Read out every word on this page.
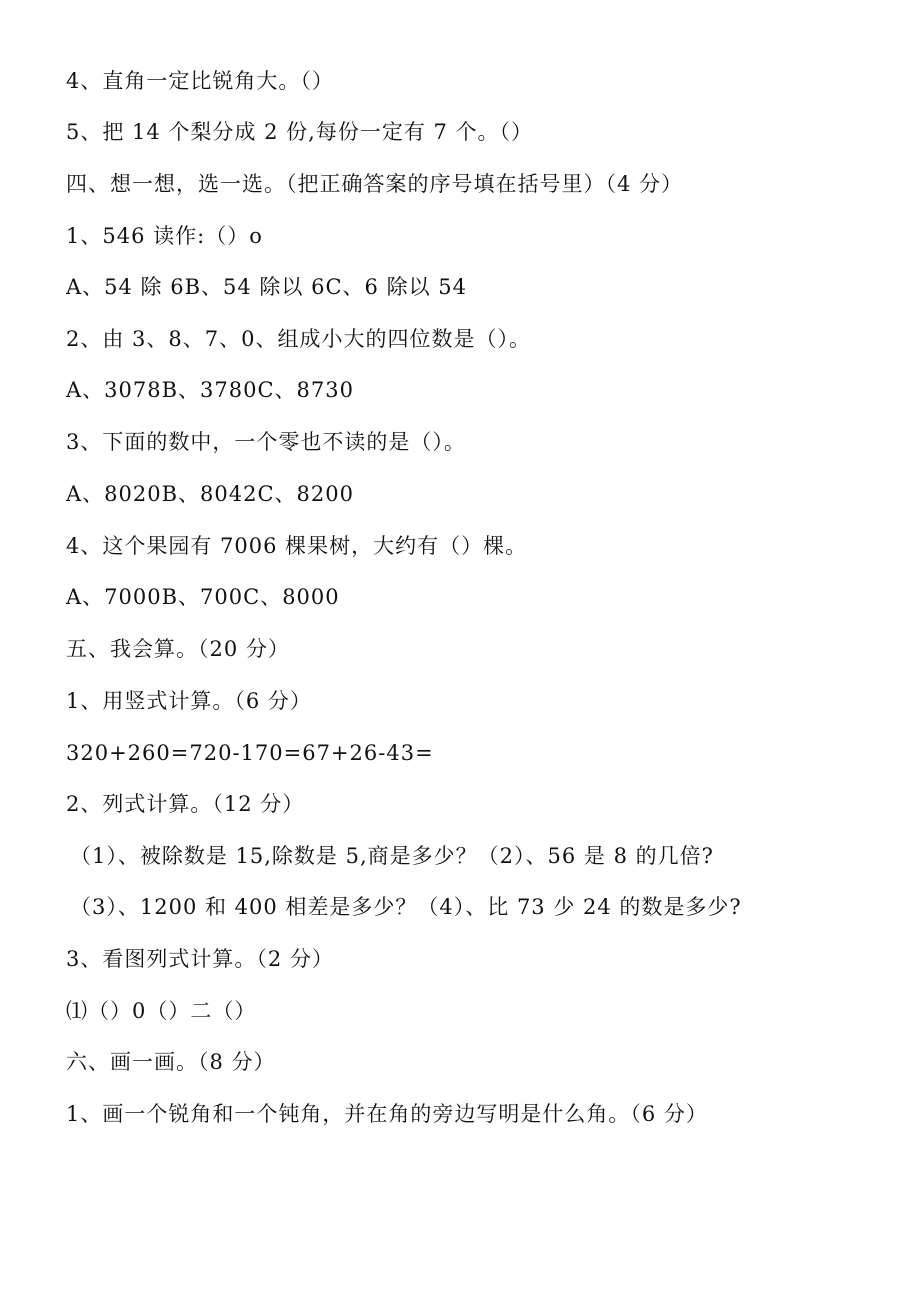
4、直角一定比锐角大。（）
5、把 14 个梨分成 2 份,每份一定有 7 个。（）
四、想一想，选一选。（把正确答案的序号填在括号里）（4 分）
1、546 读作:（）o
A、54 除 6B、54 除以 6C、6 除以 54
2、由 3、8、7、0、组成小大的四位数是（）。
A、3078B、3780C、8730
3、下面的数中，一个零也不读的是（）。
A、8020B、8042C、8200
4、这个果园有 7006 棵果树，大约有（）棵。
A、7000B、700C、8000
五、我会算。（20 分）
1、用竖式计算。（6 分）
320+260=720-170=67+26-43=
2、列式计算。（12 分）
（1）、被除数是 15,除数是 5,商是多少？（2）、56 是 8 的几倍?
（3）、1200 和 400 相差是多少？（4）、比 73 少 24 的数是多少?
3、看图列式计算。（2 分）
⑴（）0（）二（）
六、画一画。（8 分）
1、画一个锐角和一个钝角，并在角的旁边写明是什么角。（6 分）
